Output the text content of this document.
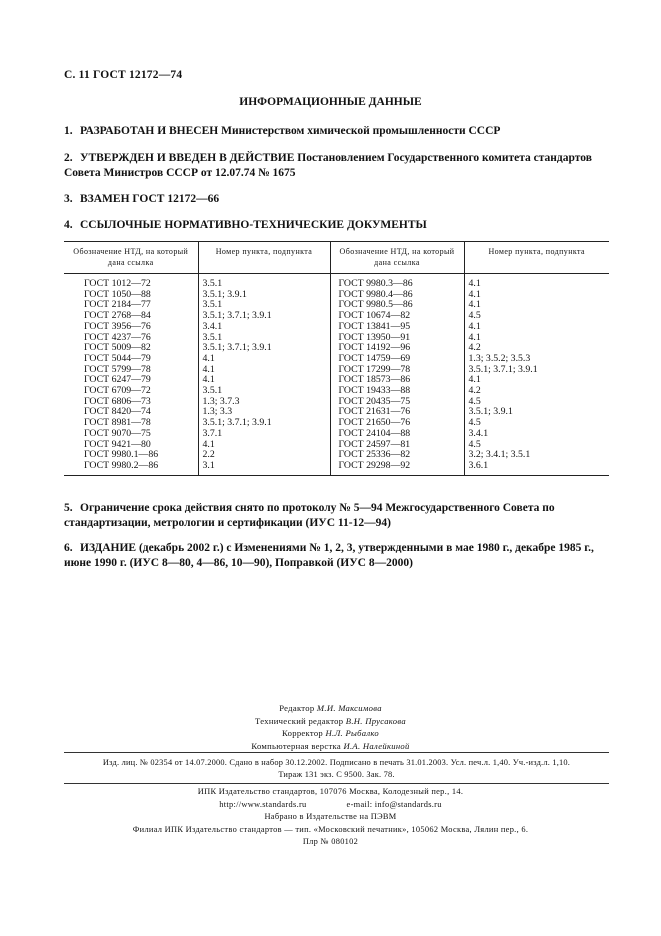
С. 11 ГОСТ 12172—74
ИНФОРМАЦИОННЫЕ ДАННЫЕ
1. РАЗРАБОТАН И ВНЕСЕН Министерством химической промышленности СССР
2. УТВЕРЖДЕН И ВВЕДЕН В ДЕЙСТВИЕ Постановлением Государственного комитета стандартов Совета Министров СССР от 12.07.74 № 1675
3. ВЗАМЕН ГОСТ 12172—66
4. ССЫЛОЧНЫЕ НОРМАТИВНО-ТЕХНИЧЕСКИЕ ДОКУМЕНТЫ
Обозначение НТД, на который дана ссылка	Номер пункта, подпункта	Обозначение НТД, на который дана ссылка	Номер пункта, подпункта
ГОСТ 1012—72	3.5.1	ГОСТ 9980.3—86	4.1
ГОСТ 1050—88	3.5.1; 3.9.1	ГОСТ 9980.4—86	4.1
ГОСТ 2184—77	3.5.1	ГОСТ 9980.5—86	4.1
ГОСТ 2768—84	3.5.1; 3.7.1; 3.9.1	ГОСТ 10674—82	4.5
ГОСТ 3956—76	3.4.1	ГОСТ 13841—95	4.1
ГОСТ 4237—76	3.5.1	ГОСТ 13950—91	4.1
ГОСТ 5009—82	3.5.1; 3.7.1; 3.9.1	ГОСТ 14192—96	4.2
ГОСТ 5044—79	4.1	ГОСТ 14759—69	1.3; 3.5.2; 3.5.3
ГОСТ 5799—78	4.1	ГОСТ 17299—78	3.5.1; 3.7.1; 3.9.1
ГОСТ 6247—79	4.1	ГОСТ 18573—86	4.1
ГОСТ 6709—72	3.5.1	ГОСТ 19433—88	4.2
ГОСТ 6806—73	1.3; 3.7.3	ГОСТ 20435—75	4.5
ГОСТ 8420—74	1.3; 3.3	ГОСТ 21631—76	3.5.1; 3.9.1
ГОСТ 8981—78	3.5.1; 3.7.1; 3.9.1	ГОСТ 21650—76	4.5
ГОСТ 9070—75	3.7.1	ГОСТ 24104—88	3.4.1
ГОСТ 9421—80	4.1	ГОСТ 24597—81	4.5
ГОСТ 9980.1—86	2.2	ГОСТ 25336—82	3.2; 3.4.1; 3.5.1
ГОСТ 9980.2—86	3.1	ГОСТ 29298—92	3.6.1
5. Ограничение срока действия снято по протоколу № 5—94 Межгосударственного Совета по стандартизации, метрологии и сертификации (ИУС 11-12—94)
6. ИЗДАНИЕ (декабрь 2002 г.) с Изменениями № 1, 2, 3, утвержденными в мае 1980 г., декабре 1985 г., июне 1990 г. (ИУС 8—80, 4—86, 10—90), Поправкой (ИУС 8—2000)
Редактор М.И. Максимова
Технический редактор В.Н. Прусакова
Корректор Н.Л. Рыбалко
Компьютерная верстка И.А. Налейкиной
Изд. лиц. № 02354 от 14.07.2000. Сдано в набор 30.12.2002. Подписано в печать 31.01.2003. Усл. печ.л. 1,40. Уч.-изд.л. 1,10.
Тираж 131 экз. С 9500. Зак. 78.
ИПК Издательство стандартов, 107076 Москва, Колодезный пер., 14.
http://www.standards.ru	e-mail: info@standards.ru
Набрано в Издательстве на ПЭВМ
Филиал ИПК Издательство стандартов — тип. «Московский печатник», 105062 Москва, Лялин пер., 6.
Плр № 080102
